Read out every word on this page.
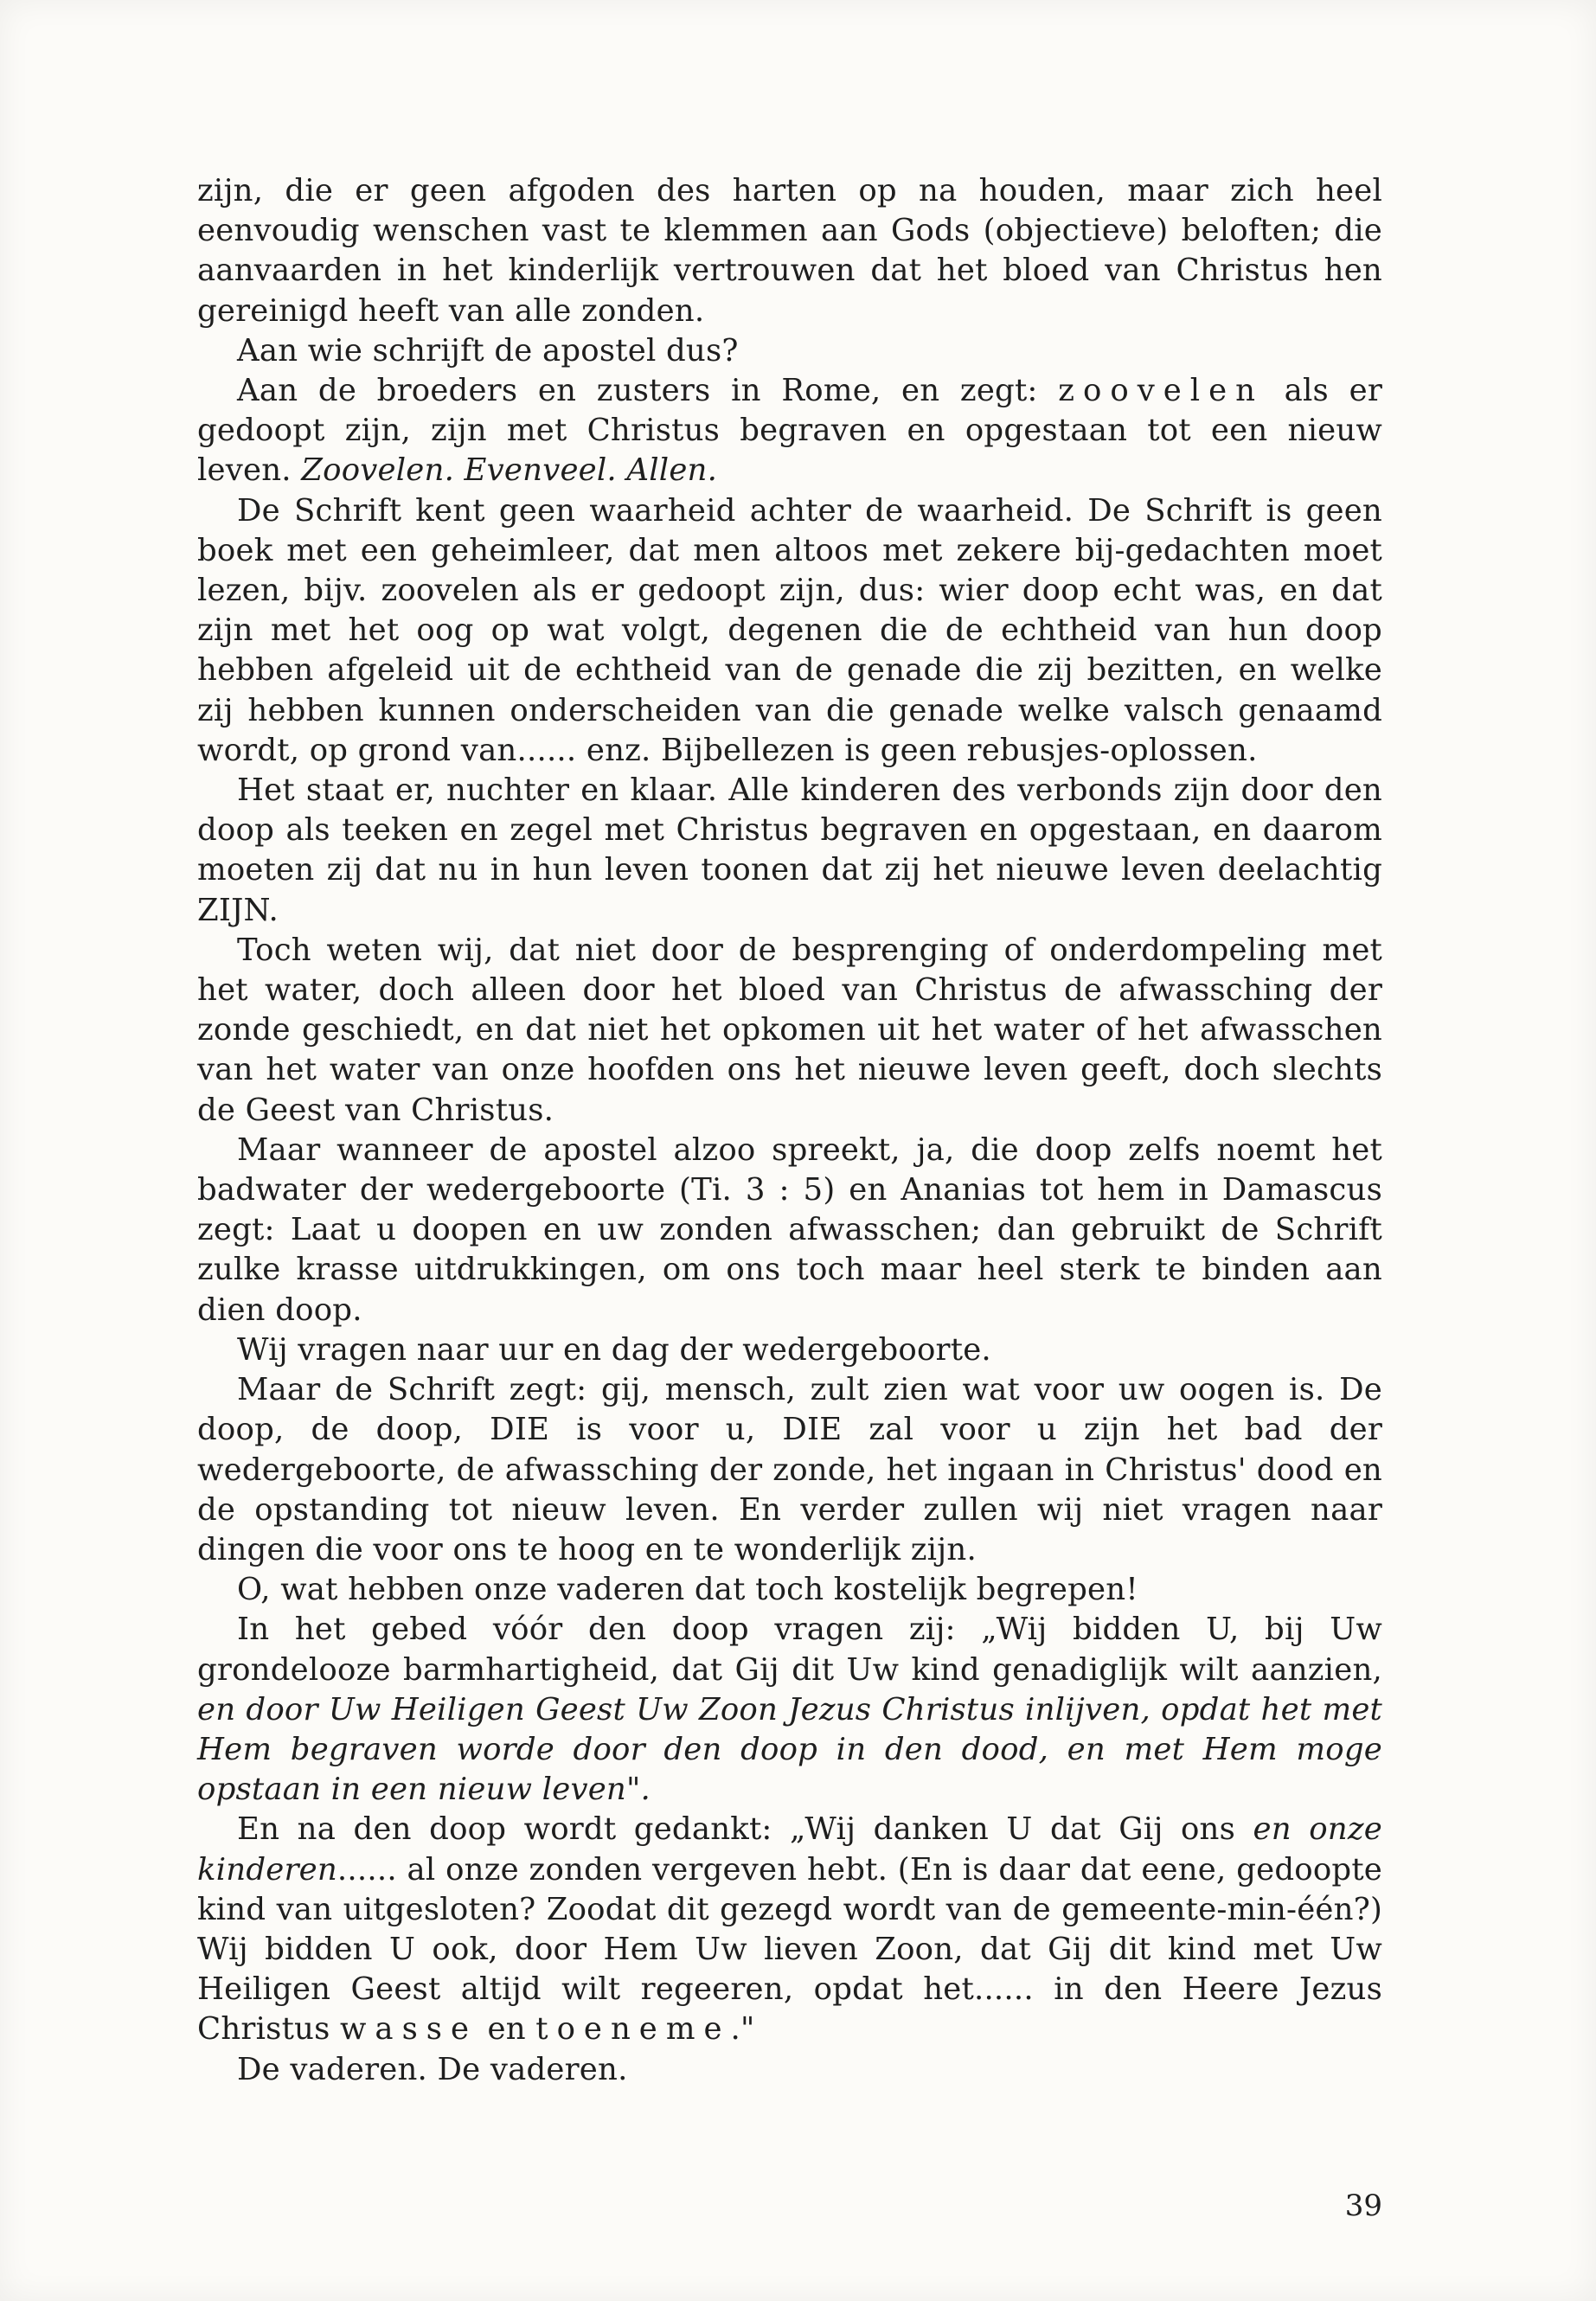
zijn, die er geen afgoden des harten op na houden, maar zich heel eenvoudig wenschen vast te klemmen aan Gods (objectieve) beloften; die aanvaarden in het kinderlijk vertrouwen dat het bloed van Christus hen gereinigd heeft van alle zonden.

Aan wie schrijft de apostel dus?

Aan de broeders en zusters in Rome, en zegt: zoovelen als er gedoopt zijn, zijn met Christus begraven en opgestaan tot een nieuw leven. Zoovelen. Evenveel. Allen.

De Schrift kent geen waarheid achter de waarheid. De Schrift is geen boek met een geheimleer, dat men altoos met zekere bij-gedachten moet lezen, bijv. zoovelen als er gedoopt zijn, dus: wier doop echt was, en dat zijn met het oog op wat volgt, degenen die de echtheid van hun doop hebben afgeleid uit de echtheid van de genade die zij bezitten, en welke zij hebben kunnen onderscheiden van die genade welke valsch genaamd wordt, op grond van...... enz. Bijbellezen is geen rebusjes-oplossen.

Het staat er, nuchter en klaar. Alle kinderen des verbonds zijn door den doop als teeken en zegel met Christus begraven en opgestaan, en daarom moeten zij dat nu in hun leven toonen dat zij het nieuwe leven deelachtig ZIJN.

Toch weten wij, dat niet door de besprenging of onderdompeling met het water, doch alleen door het bloed van Christus de afwassching der zonde geschiedt, en dat niet het opkomen uit het water of het afwasschen van het water van onze hoofden ons het nieuwe leven geeft, doch slechts de Geest van Christus.

Maar wanneer de apostel alzoo spreekt, ja, die doop zelfs noemt het badwater der wedergeboorte (Ti. 3 : 5) en Ananias tot hem in Damascus zegt: Laat u doopen en uw zonden afwasschen; dan gebruikt de Schrift zulke krasse uitdrukkingen, om ons toch maar heel sterk te binden aan dien doop.

Wij vragen naar uur en dag der wedergeboorte.

Maar de Schrift zegt: gij, mensch, zult zien wat voor uw oogen is. De doop, de doop, DIE is voor u, DIE zal voor u zijn het bad der wedergeboorte, de afwassching der zonde, het ingaan in Christus' dood en de opstanding tot nieuw leven. En verder zullen wij niet vragen naar dingen die voor ons te hoog en te wonderlijk zijn.

O, wat hebben onze vaderen dat toch kostelijk begrepen!

In het gebed vóór den doop vragen zij: „Wij bidden U, bij Uw grondelooze barmhartigheid, dat Gij dit Uw kind genadiglijk wilt aanzien, en door Uw Heiligen Geest Uw Zoon Jezus Christus inlijven, opdat het met Hem begraven worde door den doop in den dood, en met Hem moge opstaan in een nieuw leven".

En na den doop wordt gedankt: „Wij danken U dat Gij ons en onze kinderen...... al onze zonden vergeven hebt. (En is daar dat eene, gedoopte kind van uitgesloten? Zoodat dit gezegd wordt van de gemeente-min-één?) Wij bidden U ook, door Hem Uw lieven Zoon, dat Gij dit kind met Uw Heiligen Geest altijd wilt regeeren, opdat het...... in den Heere Jezus Christus wasse en toeneme."

De vaderen. De vaderen.

39
